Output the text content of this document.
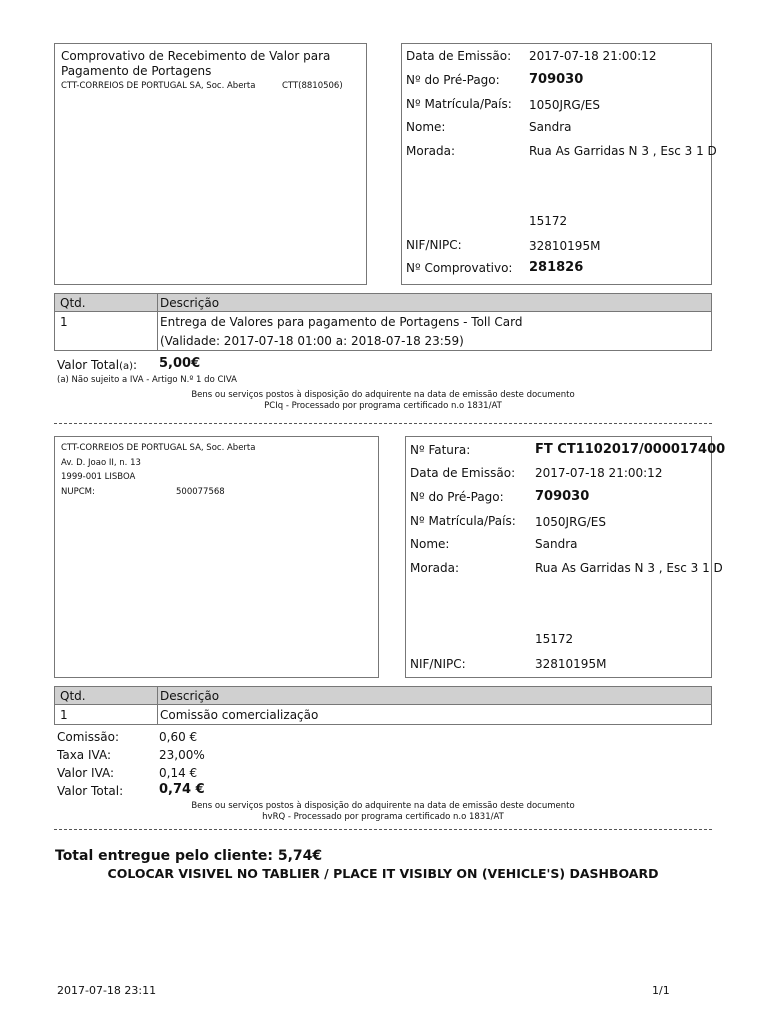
Comprovativo de Recebimento de Valor para
Pagamento de Portagens
CTT-CORREIOS DE PORTUGAL SA, Soc. Aberta	CTT(8810506)
Data de Emissão: 2017-07-18 21:00:12
Nº do Pré-Pago: 709030
Nº Matrícula/País: 1050JRG/ES
Nome:	Sandra
Morada:	Rua As Garridas N 3 , Esc 3 1 D
15172
NIF/NIPC:	32810195M
Nº Comprovativo: 281826
Qtd.	Descrição
1	Entrega de Valores para pagamento de Portagens - Toll Card
(Validade: 2017-07-18 01:00 a: 2018-07-18 23:59)
Valor Total(a): 5,00€
(a) Não sujeito a IVA - Artigo N.º 1 do CIVA
Bens ou serviços postos à disposição do adquirente na data de emissão deste documento
PCIq - Processado por programa certificado n.o 1831/AT
CTT-CORREIOS DE PORTUGAL SA, Soc. Aberta
Av. D. Joao II, n. 13
1999-001 LISBOA
NUPCM:	500077568
Nº Fatura:	FT CT1102017/000017400
Data de Emissão: 2017-07-18 21:00:12
Nº do Pré-Pago: 709030
Nº Matrícula/País: 1050JRG/ES
Nome:	Sandra
Morada:	Rua As Garridas N 3 , Esc 3 1 D
15172
NIF/NIPC:	32810195M
Qtd.	Descrição
1	Comissão comercialização
Comissão:	0,60 €
Taxa IVA:	23,00%
Valor IVA:	0,14 €
Valor Total:	0,74 €
Bens ou serviços postos à disposição do adquirente na data de emissão deste documento
hvRQ - Processado por programa certificado n.o 1831/AT
Total entregue pelo cliente: 5,74€
COLOCAR VISIVEL NO TABLIER / PLACE IT VISIBLY ON (VEHICLE'S) DASHBOARD
2017-07-18 23:11	1/1
